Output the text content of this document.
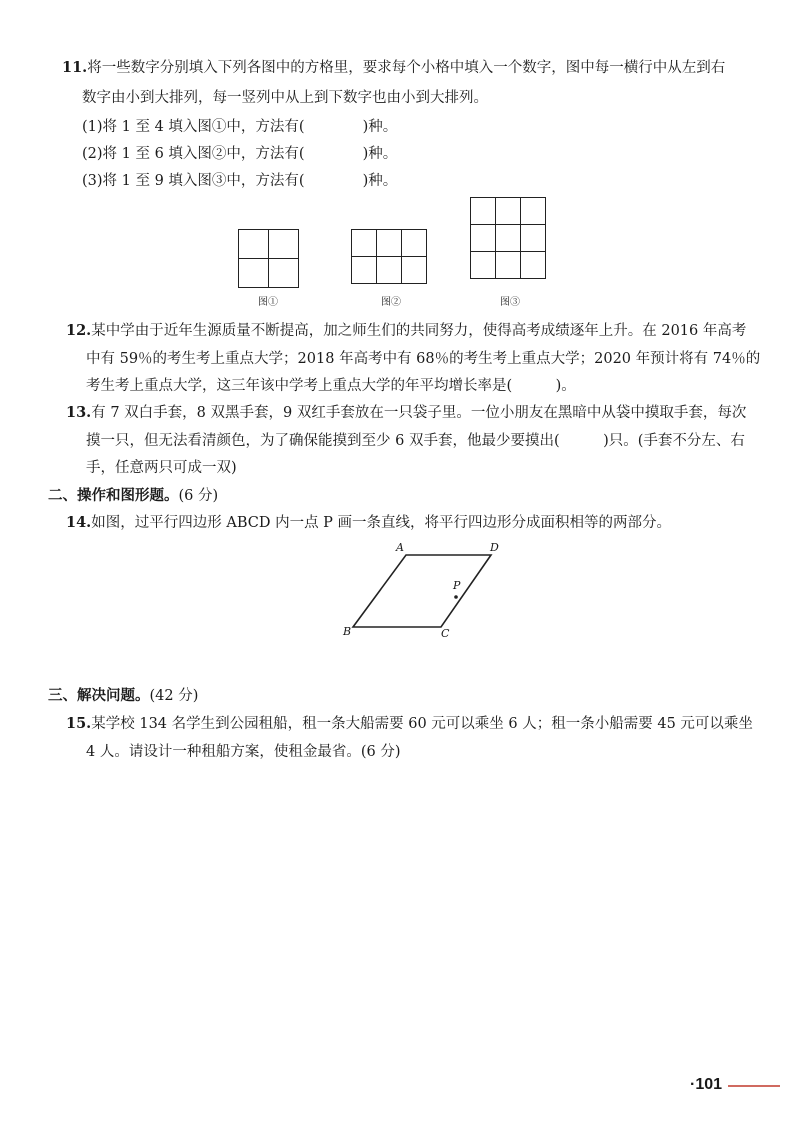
11.将一些数字分别填入下列各图中的方格里，要求每个小格中填入一个数字，图中每一横行中从左到右
数字由小到大排列，每一竖列中从上到下数字也由小到大排列。
(1)将 1 至 4 填入图①中，方法有(　　　　)种。
(2)将 1 至 6 填入图②中，方法有(　　　　)种。
(3)将 1 至 9 填入图③中，方法有(　　　　)种。

图①

			图②

			图③
12.某中学由于近年生源质量不断提高，加之师生们的共同努力，使得高考成绩逐年上升。在 2016 年高考
中有 59％的考生考上重点大学；2018 年高考中有 68％的考生考上重点大学；2020 年预计将有 74％的
考生考上重点大学，这三年该中学考上重点大学的年平均增长率是(　　　)。
13.有 7 双白手套，8 双黑手套，9 双红手套放在一只袋子里。一位小朋友在黑暗中从袋中摸取手套，每次
摸一只，但无法看清颜色，为了确保能摸到至少 6 双手套，他最少要摸出(　　　)只。(手套不分左、右
手，任意两只可成一双)
二、操作和图形题。(6 分)
14.如图，过平行四边形 ABCD 内一点 P 画一条直线，将平行四边形分成面积相等的两部分。
A	D
B	C
P
三、解决问题。(42 分)
15.某学校 134 名学生到公园租船，租一条大船需要 60 元可以乘坐 6 人；租一条小船需要 45 元可以乘坐
4 人。请设计一种租船方案，使租金最省。(6 分)
·101
